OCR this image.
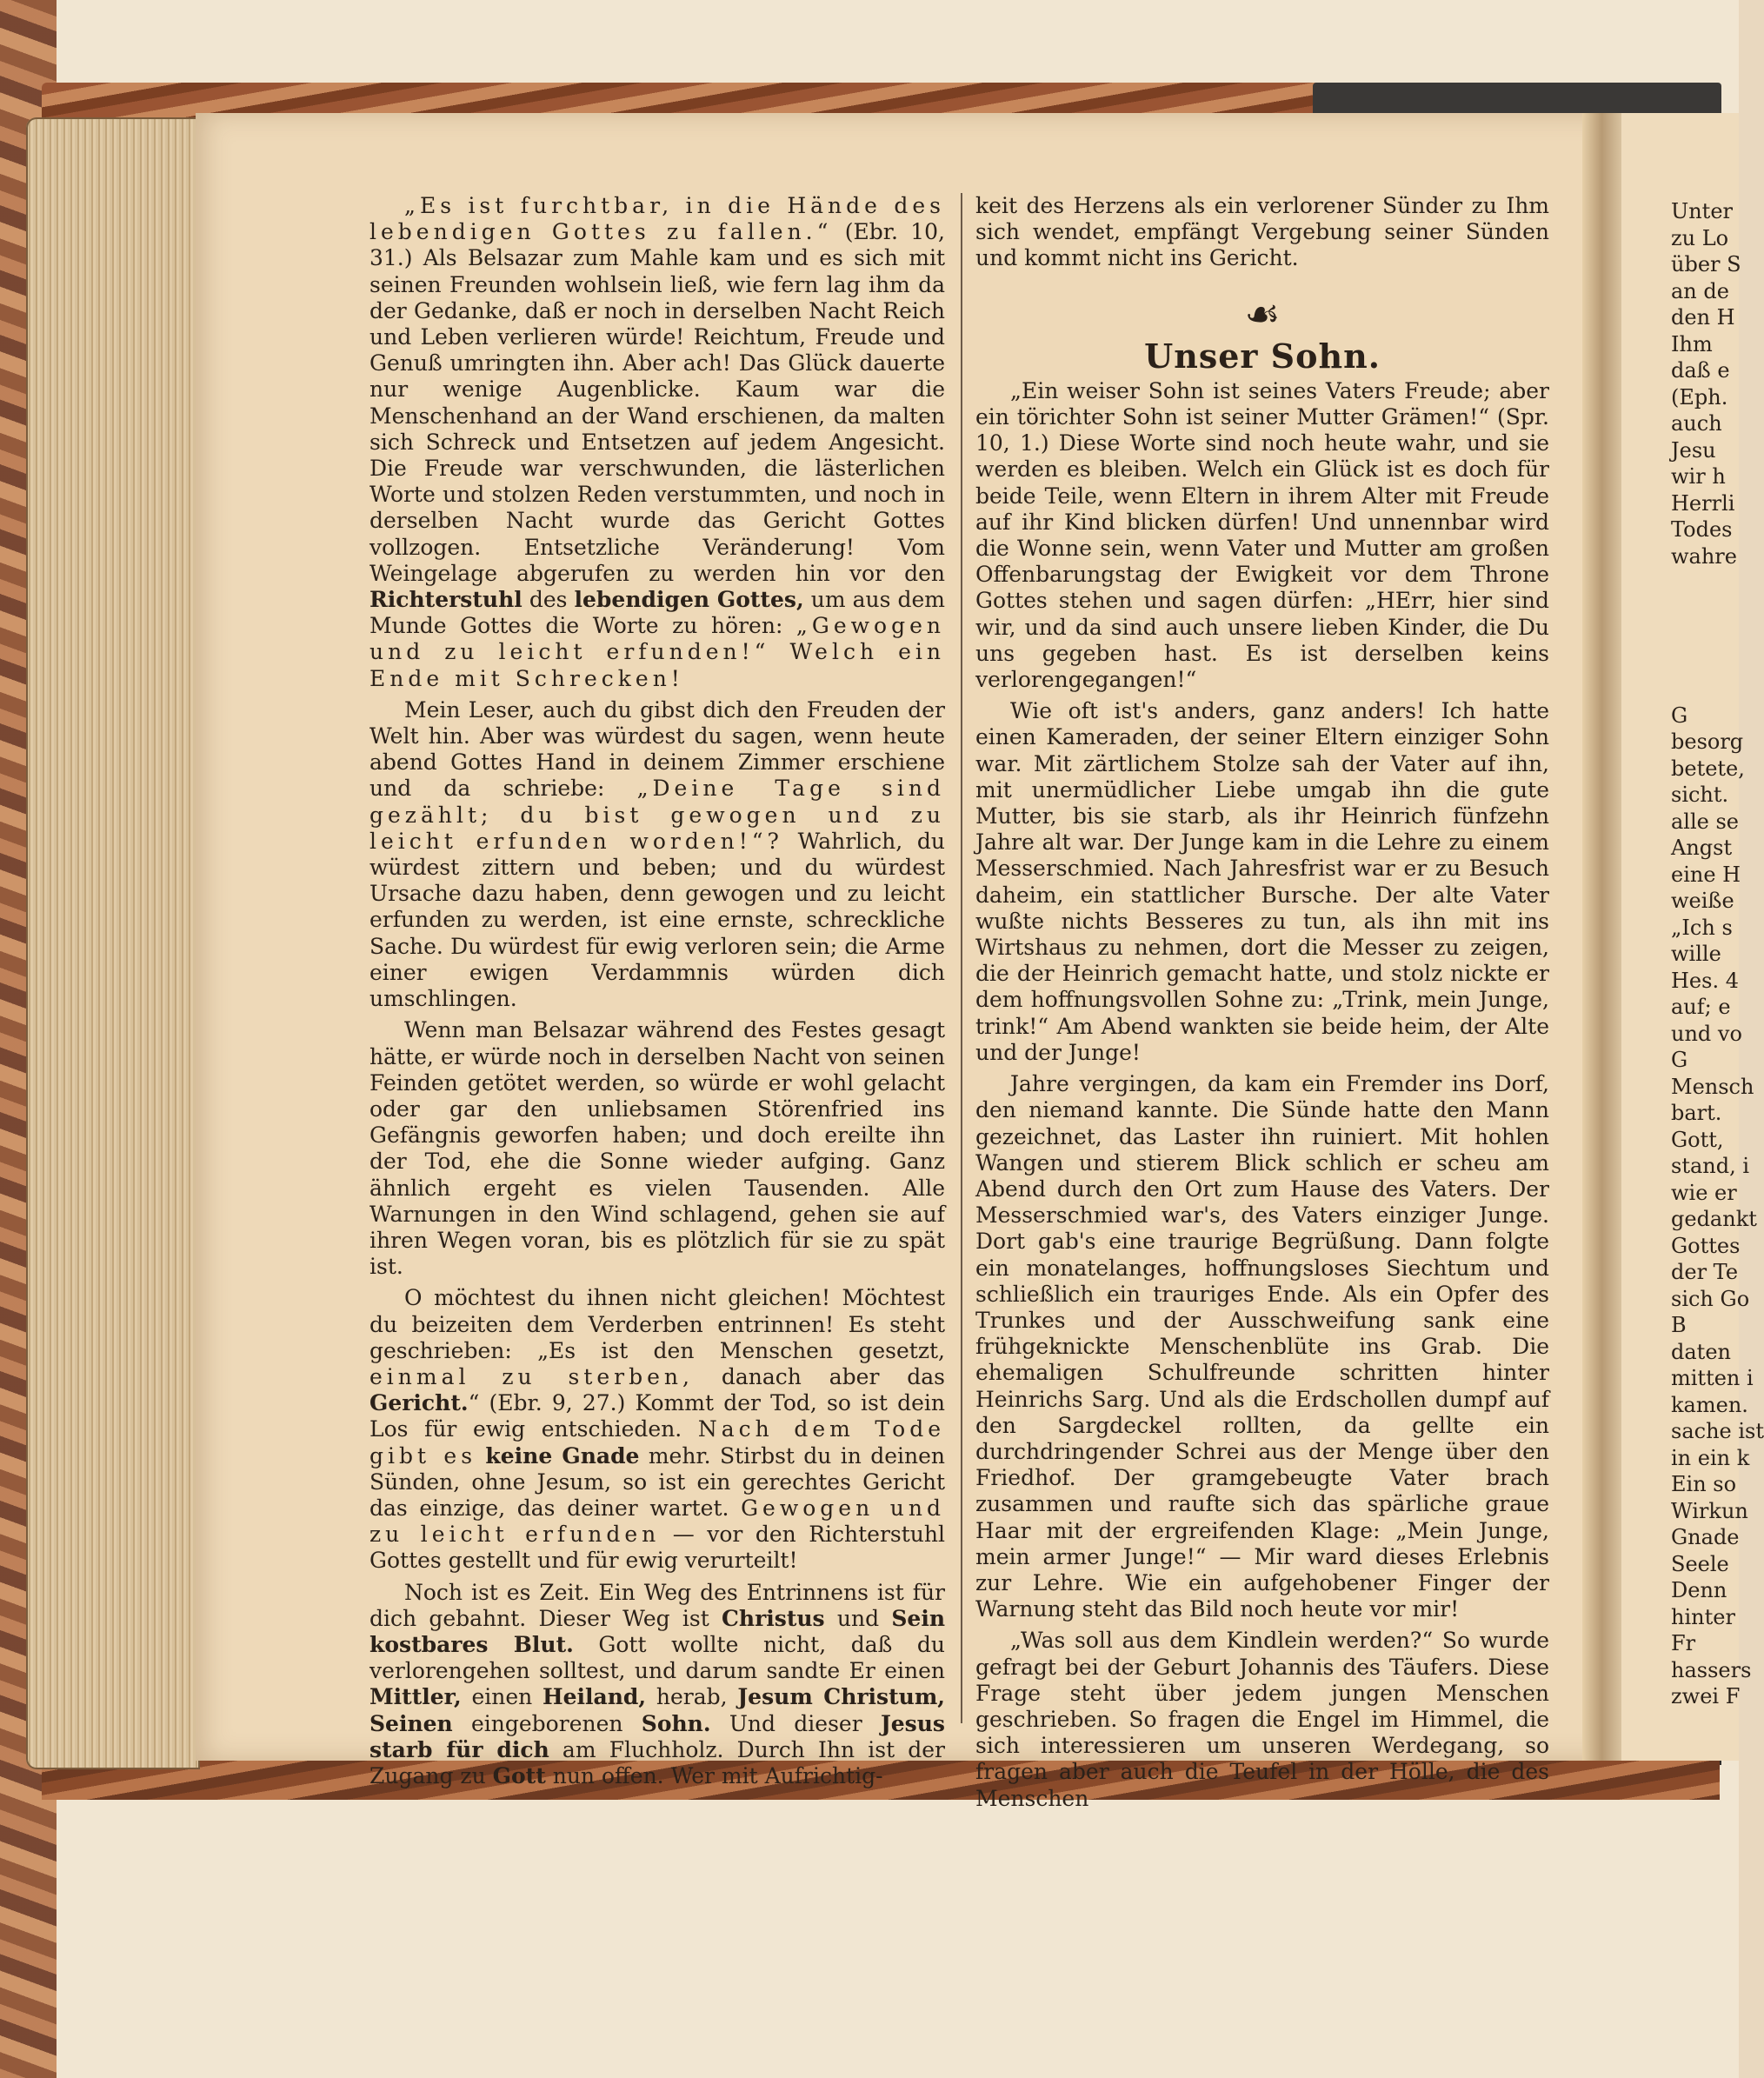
„Es ist furchtbar, in die Hände des lebendigen Gottes zu fallen.“ (Ebr. 10, 31.) Als Belsazar zum Mahle kam und es sich mit seinen Freunden wohlsein ließ, wie fern lag ihm da der Gedanke, daß er noch in derselben Nacht Reich und Leben verlieren würde! Reichtum, Freude und Genuß umringten ihn. Aber ach! Das Glück dauerte nur wenige Augenblicke. Kaum war die Menschenhand an der Wand erschienen, da malten sich Schreck und Entsetzen auf jedem Angesicht. Die Freude war verschwunden, die lästerlichen Worte und stolzen Reden verstummten, und noch in derselben Nacht wurde das Gericht Gottes vollzogen. Entsetzliche Veränderung! Vom Weingelage abgerufen zu werden hin vor den Richterstuhl des lebendigen Gottes, um aus dem Munde Gottes die Worte zu hören: „Gewogen und zu leicht erfunden!“ Welch ein Ende mit Schrecken!

Mein Leser, auch du gibst dich den Freuden der Welt hin. Aber was würdest du sagen, wenn heute abend Gottes Hand in deinem Zimmer erschiene und da schriebe: „Deine Tage sind gezählt; du bist gewogen und zu leicht erfunden worden!“? Wahrlich, du würdest zittern und beben; und du würdest Ursache dazu haben, denn gewogen und zu leicht erfunden zu werden, ist eine ernste, schreckliche Sache. Du würdest für ewig verloren sein; die Arme einer ewigen Verdammnis würden dich umschlingen.

Wenn man Belsazar während des Festes gesagt hätte, er würde noch in derselben Nacht von seinen Feinden getötet werden, so würde er wohl gelacht oder gar den unliebsamen Störenfried ins Gefängnis geworfen haben; und doch ereilte ihn der Tod, ehe die Sonne wieder aufging. Ganz ähnlich ergeht es vielen Tausenden. Alle Warnungen in den Wind schlagend, gehen sie auf ihren Wegen voran, bis es plötzlich für sie zu spät ist.

O möchtest du ihnen nicht gleichen! Möchtest du beizeiten dem Verderben entrinnen! Es steht geschrieben: „Es ist den Menschen gesetzt, einmal zu sterben, danach aber das Gericht.“ (Ebr. 9, 27.) Kommt der Tod, so ist dein Los für ewig entschieden. Nach dem Tode gibt es keine Gnade mehr. Stirbst du in deinen Sünden, ohne Jesum, so ist ein gerechtes Gericht das einzige, das deiner wartet. Gewogen und zu leicht erfunden — vor den Richterstuhl Gottes gestellt und für ewig verurteilt!

Noch ist es Zeit. Ein Weg des Entrinnens ist für dich gebahnt. Dieser Weg ist Christus und Sein kostbares Blut. Gott wollte nicht, daß du verlorengehen solltest, und darum sandte Er einen Mittler, einen Heiland, herab, Jesum Christum, Seinen eingeborenen Sohn. Und dieser Jesus starb für dich am Fluchholz. Durch Ihn ist der Zugang zu Gott nun offen. Wer mit Aufrichtig-

keit des Herzens als ein verlorener Sünder zu Ihm sich wendet, empfängt Vergebung seiner Sünden und kommt nicht ins Gericht.

☙
Unser Sohn.

„Ein weiser Sohn ist seines Vaters Freude; aber ein törichter Sohn ist seiner Mutter Grämen!“ (Spr. 10, 1.) Diese Worte sind noch heute wahr, und sie werden es bleiben. Welch ein Glück ist es doch für beide Teile, wenn Eltern in ihrem Alter mit Freude auf ihr Kind blicken dürfen! Und unnennbar wird die Wonne sein, wenn Vater und Mutter am großen Offenbarungstag der Ewigkeit vor dem Throne Gottes stehen und sagen dürfen: „HErr, hier sind wir, und da sind auch unsere lieben Kinder, die Du uns gegeben hast. Es ist derselben keins verlorengegangen!“

Wie oft ist's anders, ganz anders! Ich hatte einen Kameraden, der seiner Eltern einziger Sohn war. Mit zärtlichem Stolze sah der Vater auf ihn, mit unermüdlicher Liebe umgab ihn die gute Mutter, bis sie starb, als ihr Heinrich fünfzehn Jahre alt war. Der Junge kam in die Lehre zu einem Messerschmied. Nach Jahresfrist war er zu Besuch daheim, ein stattlicher Bursche. Der alte Vater wußte nichts Besseres zu tun, als ihn mit ins Wirtshaus zu nehmen, dort die Messer zu zeigen, die der Heinrich gemacht hatte, und stolz nickte er dem hoffnungsvollen Sohne zu: „Trink, mein Junge, trink!“ Am Abend wankten sie beide heim, der Alte und der Junge!

Jahre vergingen, da kam ein Fremder ins Dorf, den niemand kannte. Die Sünde hatte den Mann gezeichnet, das Laster ihn ruiniert. Mit hohlen Wangen und stierem Blick schlich er scheu am Abend durch den Ort zum Hause des Vaters. Der Messerschmied war's, des Vaters einziger Junge. Dort gab's eine traurige Begrüßung. Dann folgte ein monatelanges, hoffnungsloses Siechtum und schließlich ein trauriges Ende. Als ein Opfer des Trunkes und der Ausschweifung sank eine frühgeknickte Menschenblüte ins Grab. Die ehemaligen Schulfreunde schritten hinter Heinrichs Sarg. Und als die Erdschollen dumpf auf den Sargdeckel rollten, da gellte ein durchdringender Schrei aus der Menge über den Friedhof. Der gramgebeugte Vater brach zusammen und raufte sich das spärliche graue Haar mit der ergreifenden Klage: „Mein Junge, mein armer Junge!“ — Mir ward dieses Erlebnis zur Lehre. Wie ein aufgehobener Finger der Warnung steht das Bild noch heute vor mir!

„Was soll aus dem Kindlein werden?“ So wurde gefragt bei der Geburt Johannis des Täufers. Diese Frage steht über jedem jungen Menschen geschrieben. So fragen die Engel im Himmel, die sich interessieren um unseren Werdegang, so fragen aber auch die Teufel in der Hölle, die des Menschen

Unter
zu Lo
über S
an de
den H
Ihm
daß e
(Eph.
auch
Jesu
wir h
Herrli
Todes
wahre
G
besorg
betete,
sicht.
alle se
Angst
eine H
weiße
„Ich s
wille
Hes. 4
auf; e
und vo
G
Mensch
bart.
Gott,
stand, i
wie er
gedankt
Gottes
der Te
sich Go
B
daten
mitten i
kamen.
sache ist
in ein k
Ein so
Wirkun
Gnade
Seele
Denn
hinter
Fr
hassers
zwei F
